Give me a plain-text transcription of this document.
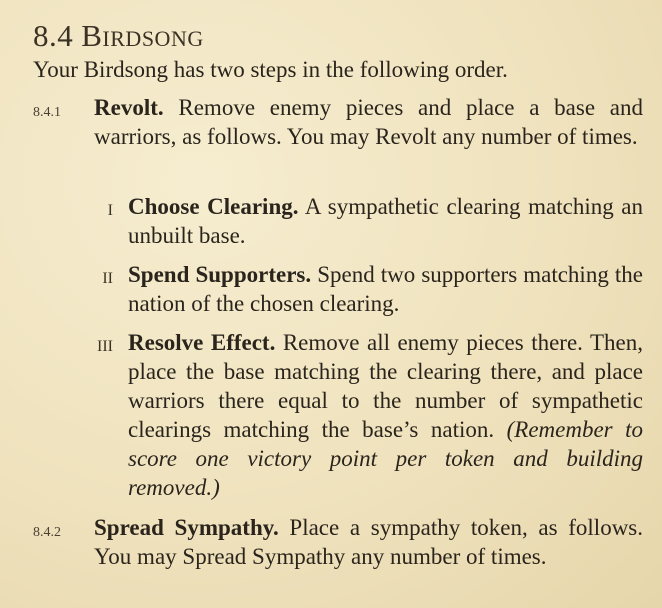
8.4 Birdsong
Your Birdsong has two steps in the following order.
8.4.1 Revolt. Remove enemy pieces and place a base and warriors, as follows. You may Revolt any number of times.
I Choose Clearing. A sympathetic clearing matching an unbuilt base.
II Spend Supporters. Spend two supporters matching the nation of the chosen clearing.
III Resolve Effect. Remove all enemy pieces there. Then, place the base matching the clearing there, and place warriors there equal to the number of sympathetic clearings matching the base’s nation. (Remember to score one victory point per token and building removed.)
8.4.2 Spread Sympathy. Place a sympathy token, as follows. You may Spread Sympathy any number of times.
